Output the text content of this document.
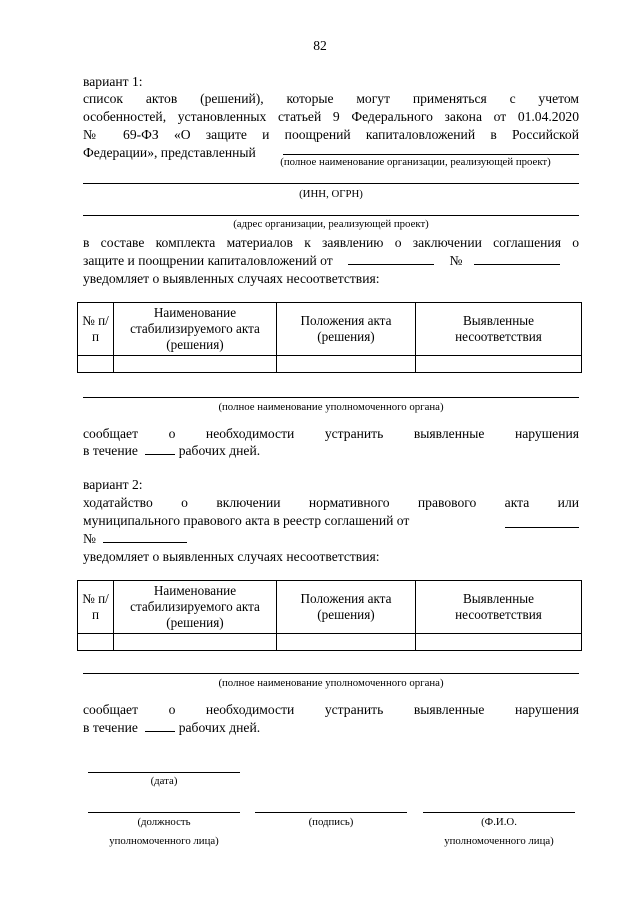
82
вариант 1:
список актов (решений), которые могут применяться с учетом
особенностей, установленных статьей 9 Федерального закона от 01.04.2020
№ 69-ФЗ «О защите и поощрений капиталовложений в Российской
Федерации», представленный
(полное наименование организации, реализующей проект)
(ИНН, ОГРН)
(адрес организации, реализующей проект)
в составе комплекта материалов к заявлению о заключении соглашения о
защите и поощрении капиталовложений от	№
уведомляет о выявленных случаях несоответствия:
№ п/п	Наименование стабилизируемого акта (решения)	Положения акта (решения)	Выявленные несоответствия

(полное наименование уполномоченного органа)
сообщает о необходимости устранить выявленные нарушения
в течение	рабочих дней.
вариант 2:
ходатайство о включении нормативного правового акта или
муниципального правового акта в реестр соглашений от
№
уведомляет о выявленных случаях несоответствия:
№ п/п	Наименование стабилизируемого акта (решения)	Положения акта (решения)	Выявленные несоответствия

(полное наименование уполномоченного органа)
сообщает о необходимости устранить выявленные нарушения
в течение	рабочих дней.
(дата)
(должность
уполномоченного лица)
(подпись)	(Ф.И.О.
уполномоченного лица)
